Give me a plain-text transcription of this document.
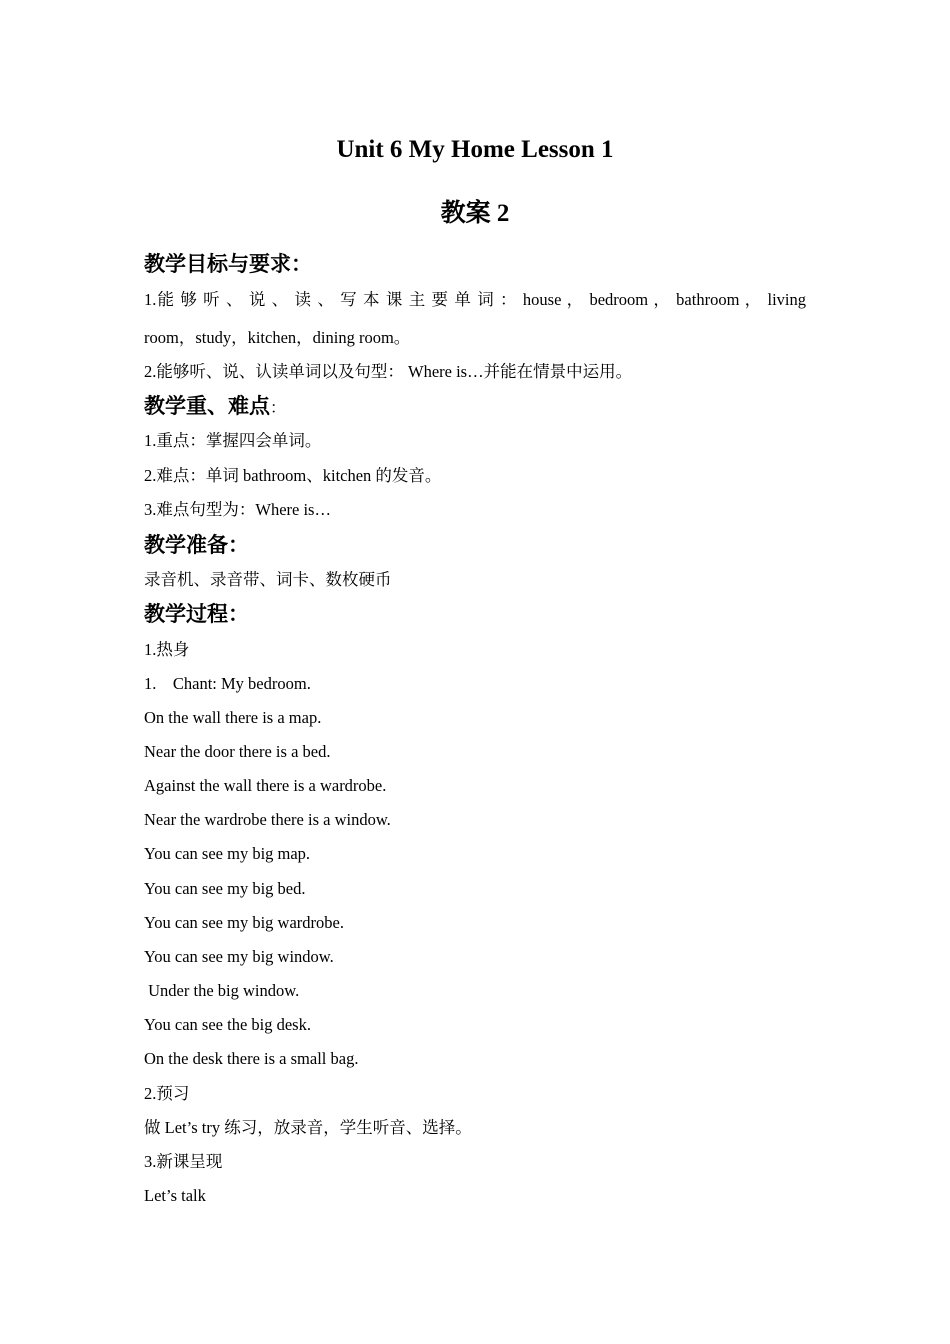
Unit 6 My Home Lesson 1
教案 2
教学目标与要求：
1.能 够 听 、 说 、 读 、 写 本 课 主 要 单 词 ： house ， bedroom ， bathroom ， living
room，study，kitchen，dining room。
2.能够听、说、认读单词以及句型： Where is…并能在情景中运用。
教学重、难点：
1.重点：掌握四会单词。
2.难点：单词 bathroom、kitchen 的发音。
3.难点句型为：Where is…
教学准备：
录音机、录音带、词卡、数枚硬币
教学过程：
1.热身
1.    Chant: My bedroom.
On the wall there is a map.
Near the door there is a bed.
Against the wall there is a wardrobe.
Near the wardrobe there is a window.
You can see my big map.
You can see my big bed.
You can see my big wardrobe.
You can see my big window.
Under the big window.
You can see the big desk.
On the desk there is a small bag.
2.预习
做 Let’s try 练习，放录音，学生听音、选择。
3.新课呈现
Let’s talk
